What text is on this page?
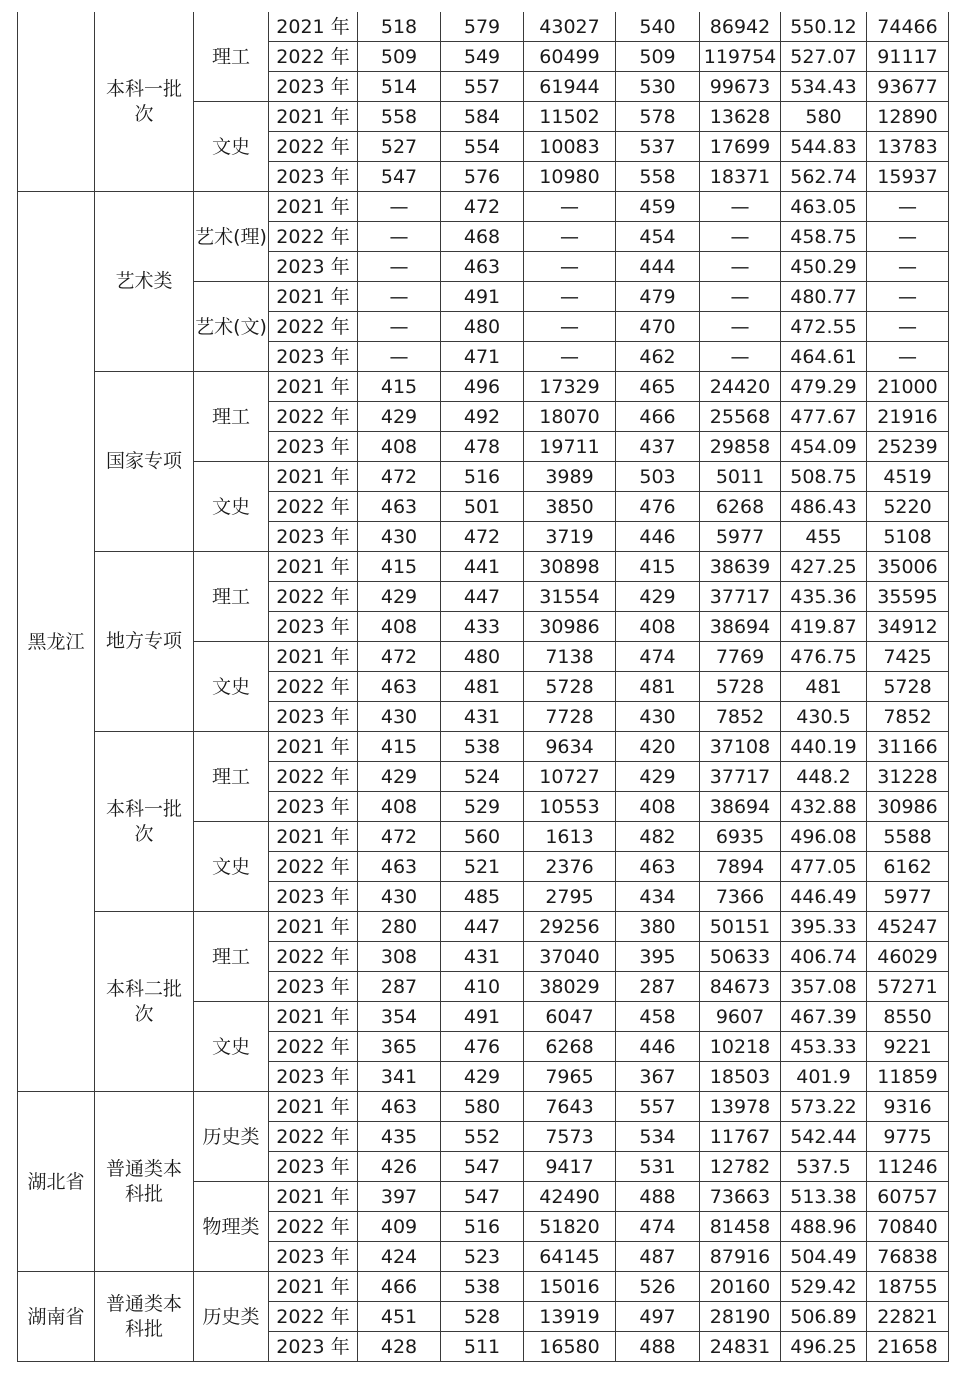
	本科一批次	理工	2021 年	518	579	43027	540	86942	550.12	74466
			2022 年	509	549	60499	509	119754	527.07	91117
			2023 年	514	557	61944	530	99673	534.43	93677
		文史	2021 年	558	584	11502	578	13628	580	12890
			2022 年	527	554	10083	537	17699	544.83	13783
			2023 年	547	576	10980	558	18371	562.74	15937
黑龙江	艺术类	艺术(理)	2021 年	—	472	—	459	—	463.05	—
			2022 年	—	468	—	454	—	458.75	—
			2023 年	—	463	—	444	—	450.29	—
		艺术(文)	2021 年	—	491	—	479	—	480.77	—
			2022 年	—	480	—	470	—	472.55	—
			2023 年	—	471	—	462	—	464.61	—
	国家专项	理工	2021 年	415	496	17329	465	24420	479.29	21000
			2022 年	429	492	18070	466	25568	477.67	21916
			2023 年	408	478	19711	437	29858	454.09	25239
		文史	2021 年	472	516	3989	503	5011	508.75	4519
			2022 年	463	501	3850	476	6268	486.43	5220
			2023 年	430	472	3719	446	5977	455	5108
	地方专项	理工	2021 年	415	441	30898	415	38639	427.25	35006
			2022 年	429	447	31554	429	37717	435.36	35595
			2023 年	408	433	30986	408	38694	419.87	34912
		文史	2021 年	472	480	7138	474	7769	476.75	7425
			2022 年	463	481	5728	481	5728	481	5728
			2023 年	430	431	7728	430	7852	430.5	7852
	本科一批次	理工	2021 年	415	538	9634	420	37108	440.19	31166
			2022 年	429	524	10727	429	37717	448.2	31228
			2023 年	408	529	10553	408	38694	432.88	30986
		文史	2021 年	472	560	1613	482	6935	496.08	5588
			2022 年	463	521	2376	463	7894	477.05	6162
			2023 年	430	485	2795	434	7366	446.49	5977
	本科二批次	理工	2021 年	280	447	29256	380	50151	395.33	45247
			2022 年	308	431	37040	395	50633	406.74	46029
			2023 年	287	410	38029	287	84673	357.08	57271
		文史	2021 年	354	491	6047	458	9607	467.39	8550
			2022 年	365	476	6268	446	10218	453.33	9221
			2023 年	341	429	7965	367	18503	401.9	11859
湖北省	普通类本科批	历史类	2021 年	463	580	7643	557	13978	573.22	9316
			2022 年	435	552	7573	534	11767	542.44	9775
			2023 年	426	547	9417	531	12782	537.5	11246
		物理类	2021 年	397	547	42490	488	73663	513.38	60757
			2022 年	409	516	51820	474	81458	488.96	70840
			2023 年	424	523	64145	487	87916	504.49	76838
湖南省	普通类本科批	历史类	2021 年	466	538	15016	526	20160	529.42	18755
			2022 年	451	528	13919	497	28190	506.89	22821
			2023 年	428	511	16580	488	24831	496.25	21658
